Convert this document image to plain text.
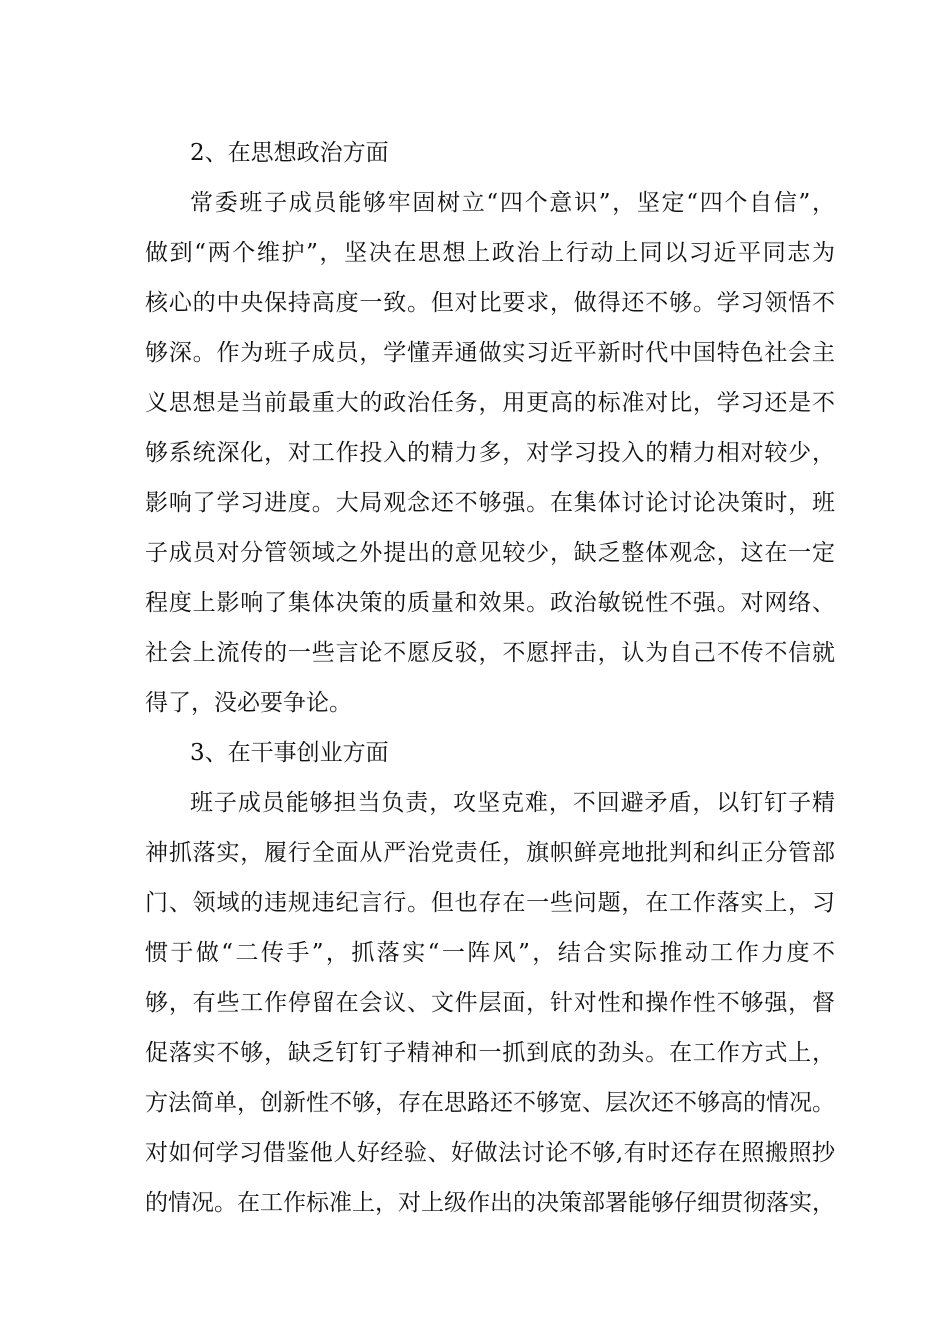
2、在思想政治方面
常委班子成员能够牢固树立“四个意识”，坚定“四个自信”，
做到“两个维护”，坚决在思想上政治上行动上同以习近平同志为
核心的中央保持高度一致。但对比要求，做得还不够。学习领悟不
够深。作为班子成员，学懂弄通做实习近平新时代中国特色社会主
义思想是当前最重大的政治任务，用更高的标准对比，学习还是不
够系统深化，对工作投入的精力多，对学习投入的精力相对较少，
影响了学习进度。大局观念还不够强。在集体讨论讨论决策时，班
子成员对分管领域之外提出的意见较少，缺乏整体观念，这在一定
程度上影响了集体决策的质量和效果。政治敏锐性不强。对网络、
社会上流传的一些言论不愿反驳，不愿抨击，认为自己不传不信就
得了，没必要争论。
3、在干事创业方面
班子成员能够担当负责，攻坚克难，不回避矛盾，以钉钉子精
神抓落实，履行全面从严治党责任，旗帜鲜亮地批判和纠正分管部
门、领域的违规违纪言行。但也存在一些问题，在工作落实上，习
惯于做“二传手”，抓落实“一阵风”，结合实际推动工作力度不
够，有些工作停留在会议、文件层面，针对性和操作性不够强，督
促落实不够，缺乏钉钉子精神和一抓到底的劲头。在工作方式上，
方法简单，创新性不够，存在思路还不够宽、层次还不够高的情况。
对如何学习借鉴他人好经验、好做法讨论不够,有时还存在照搬照抄
的情况。在工作标准上，对上级作出的决策部署能够仔细贯彻落实，
